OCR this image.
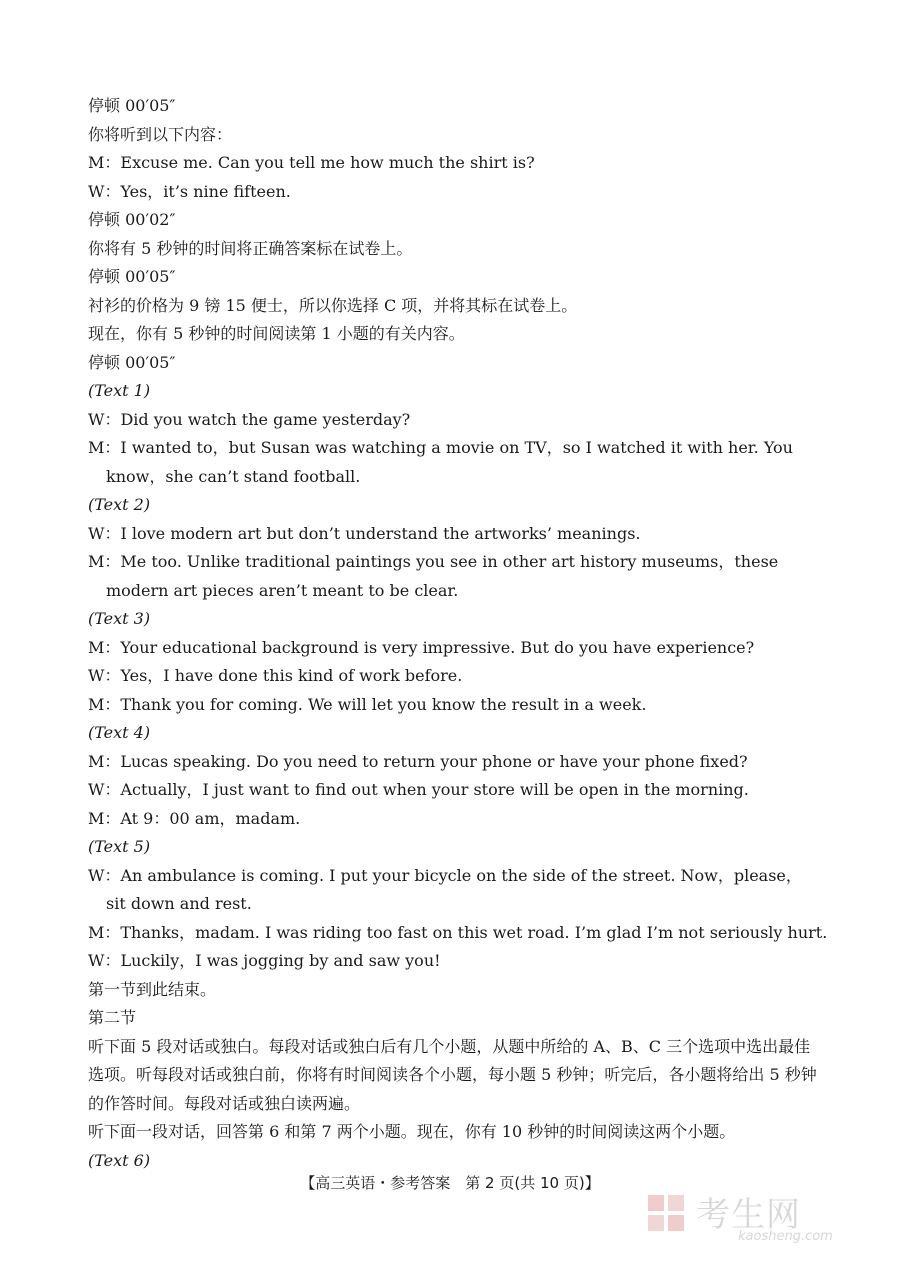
停顿 00′05″
你将听到以下内容：
M：Excuse me. Can you tell me how much the shirt is?
W：Yes，it’s nine fifteen.
停顿 00′02″
你将有 5 秒钟的时间将正确答案标在试卷上。
停顿 00′05″
衬衫的价格为 9 镑 15 便士，所以你选择 C 项，并将其标在试卷上。
现在，你有 5 秒钟的时间阅读第 1 小题的有关内容。
停顿 00′05″
(Text 1)
W：Did you watch the game yesterday?
M：I wanted to，but Susan was watching a movie on TV，so I watched it with her. You know，she can’t stand football.
(Text 2)
W：I love modern art but don’t understand the artworks’ meanings.
M：Me too. Unlike traditional paintings you see in other art history museums，these modern art pieces aren’t meant to be clear.
(Text 3)
M：Your educational background is very impressive. But do you have experience?
W：Yes，I have done this kind of work before.
M：Thank you for coming. We will let you know the result in a week.
(Text 4)
M：Lucas speaking. Do you need to return your phone or have your phone fixed?
W：Actually，I just want to find out when your store will be open in the morning.
M：At 9：00 am，madam.
(Text 5)
W：An ambulance is coming. I put your bicycle on the side of the street. Now，please，sit down and rest.
M：Thanks，madam. I was riding too fast on this wet road. I’m glad I’m not seriously hurt.
W：Luckily，I was jogging by and saw you!
第一节到此结束。
第二节
听下面 5 段对话或独白。每段对话或独白后有几个小题，从题中所给的 A、B、C 三个选项中选出最佳选项。听每段对话或独白前，你将有时间阅读各个小题，每小题 5 秒钟；听完后，各小题将给出 5 秒钟的作答时间。每段对话或独白读两遍。
听下面一段对话，回答第 6 和第 7 两个小题。现在，你有 10 秒钟的时间阅读这两个小题。
(Text 6)
【高三英语・参考答案　第 2 页(共 10 页)】
考生网
kaosheng.com
